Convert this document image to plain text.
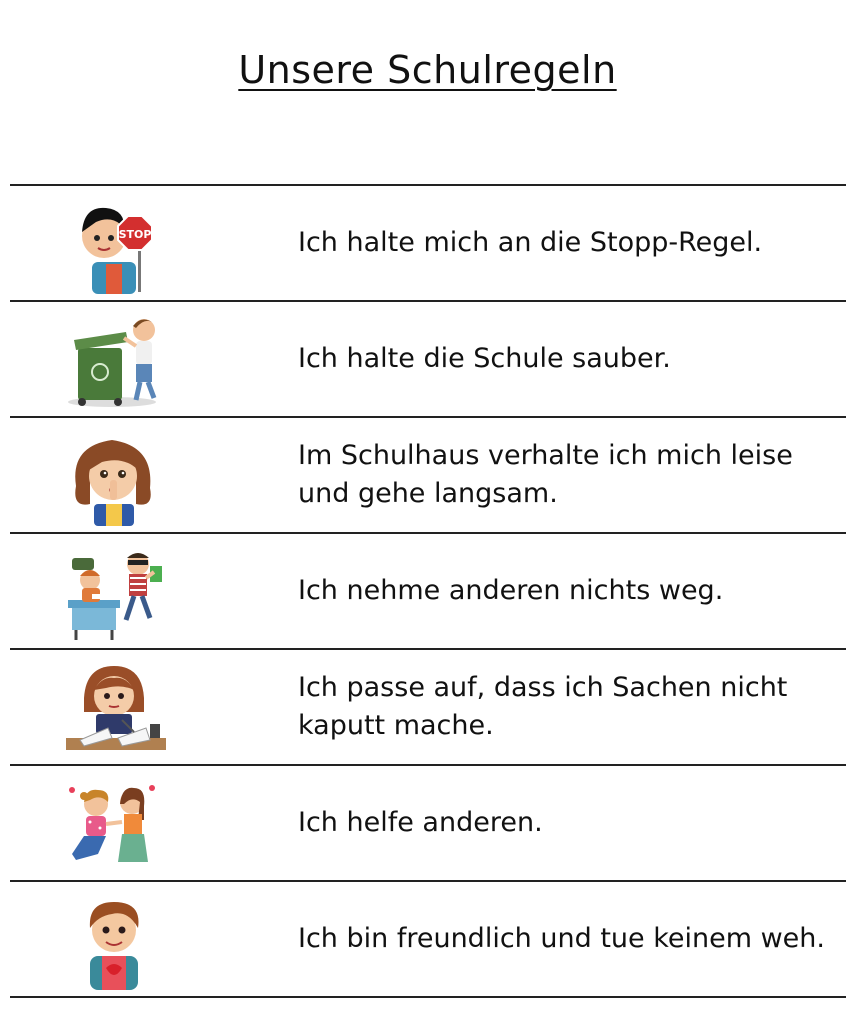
Unsere Schulregeln
STOP	Ich halte mich an die Stopp-Regel.
Ich halte die Schule sauber.
Im Schulhaus verhalte ich mich leise und gehe langsam.
Ich nehme anderen nichts weg.
Ich passe auf, dass ich Sachen nicht kaputt mache.
Ich helfe anderen.
Ich bin freundlich und tue keinem weh.
